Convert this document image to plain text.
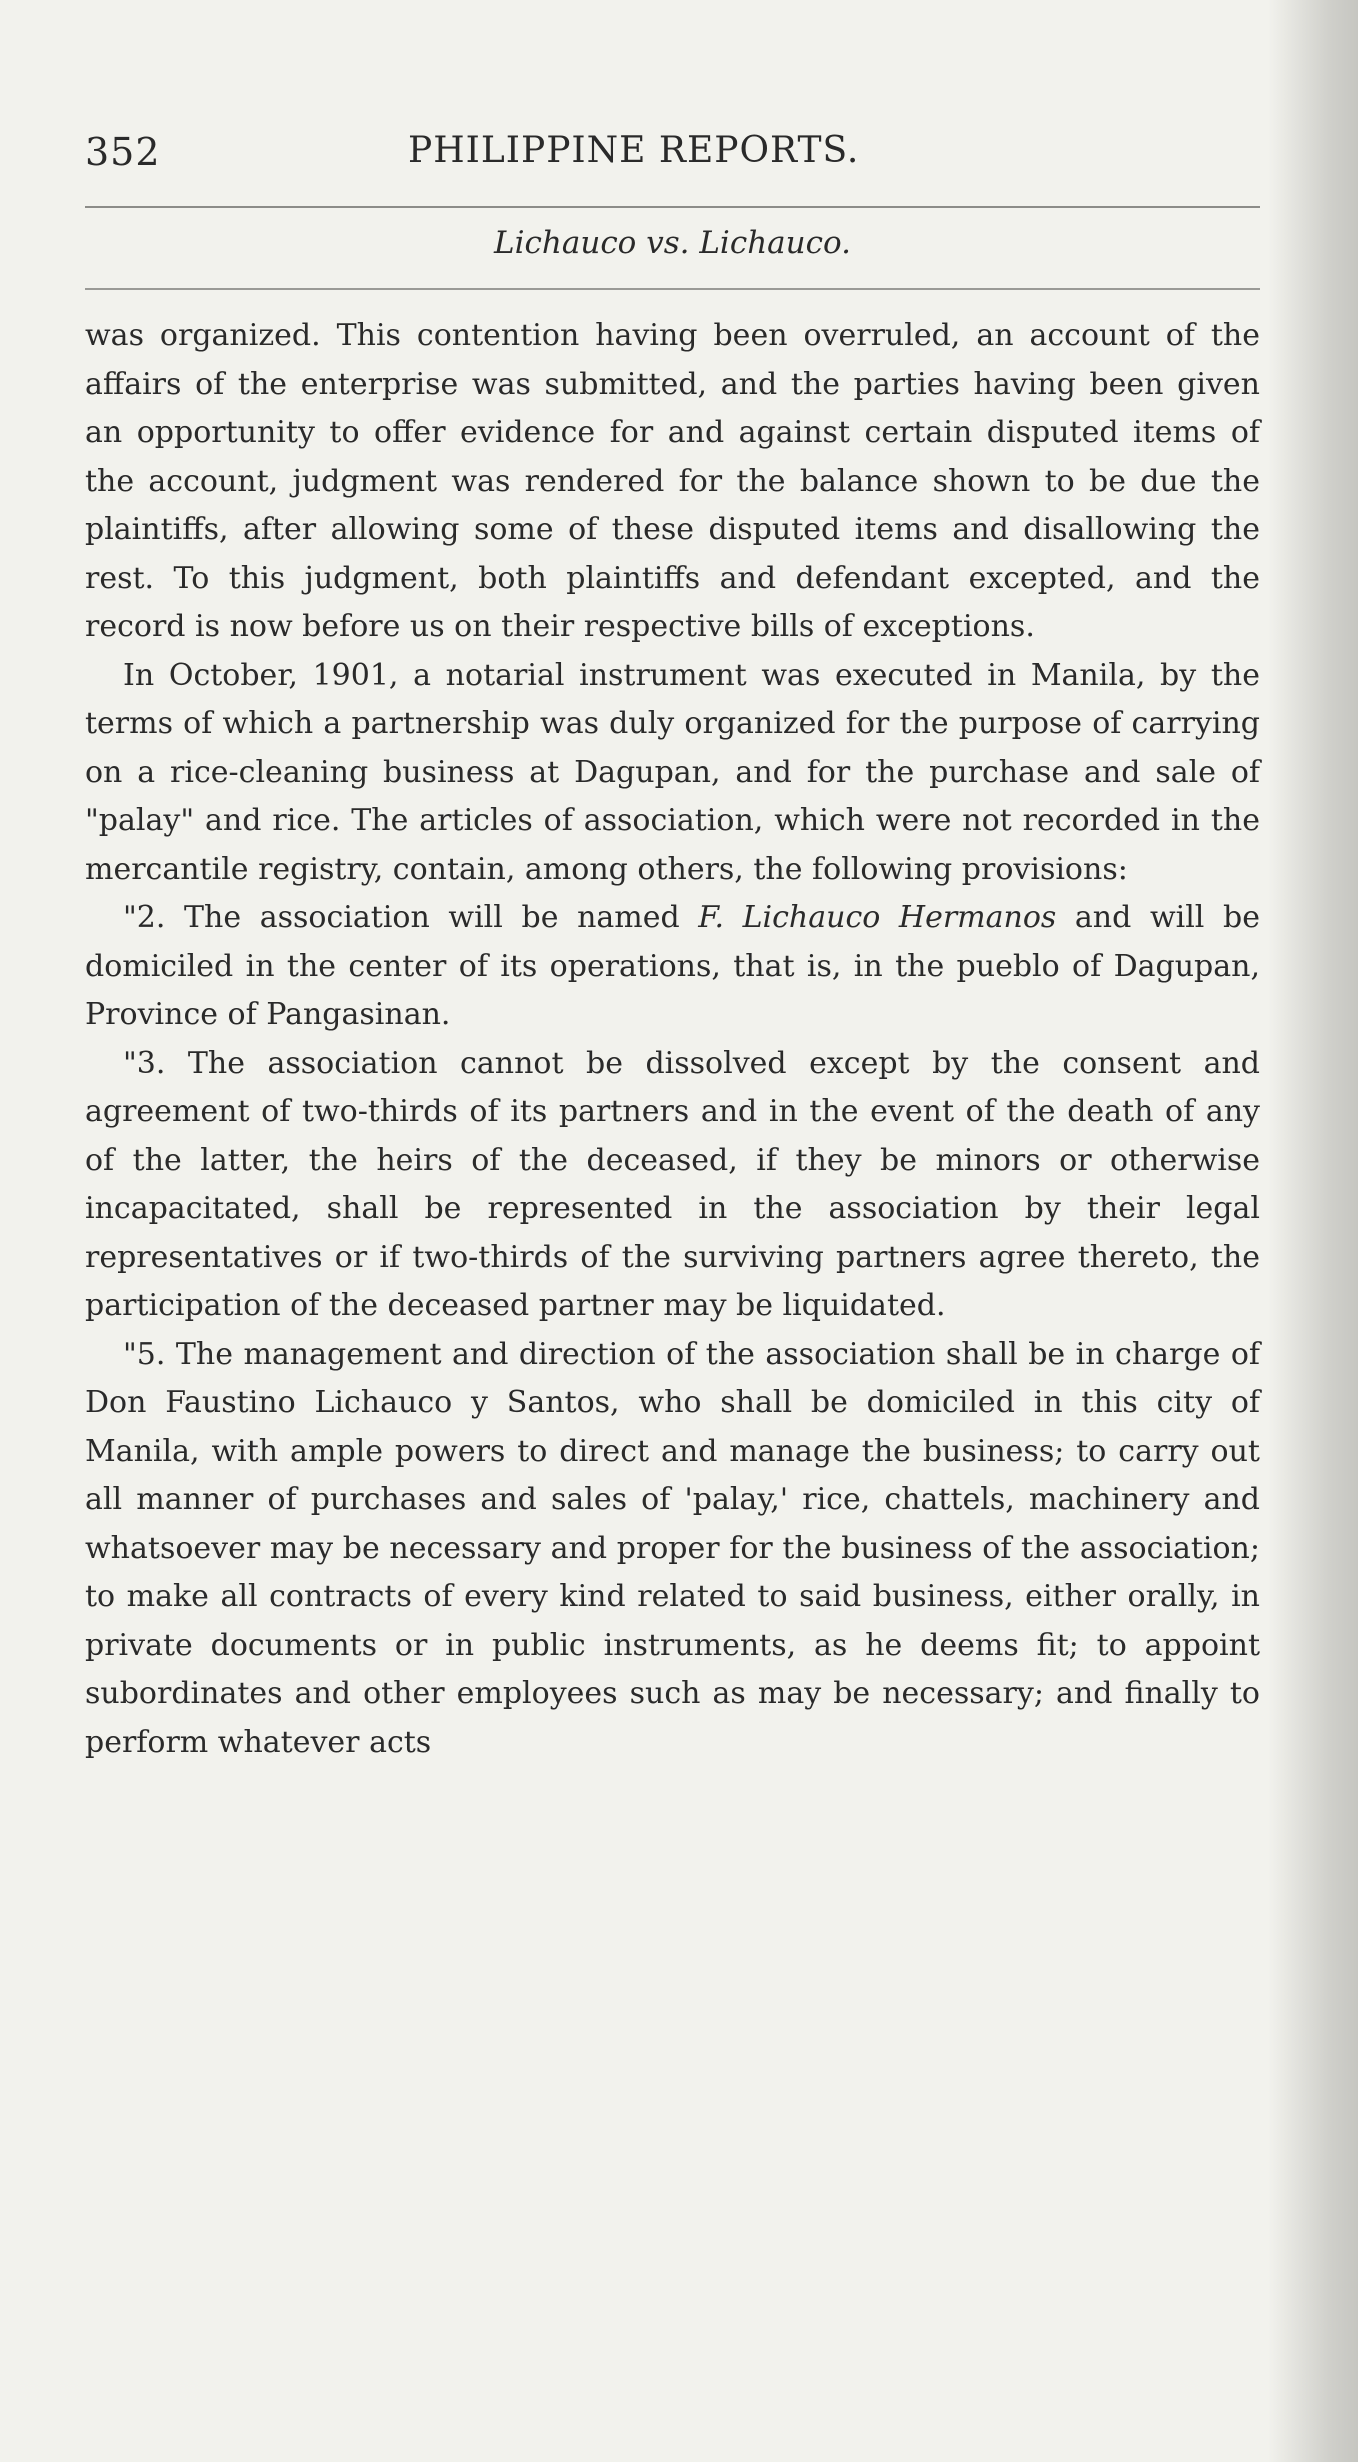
352	PHILIPPINE REPORTS.
Lichauco vs. Lichauco.

was organized. This contention having been overruled, an account of the affairs of the enterprise was submitted, and the parties having been given an opportunity to offer evidence for and against certain disputed items of the account, judgment was rendered for the balance shown to be due the plaintiffs, after allowing some of these disputed items and disallowing the rest. To this judgment, both plaintiffs and defendant excepted, and the record is now before us on their respective bills of exceptions.

In October, 1901, a notarial instrument was executed in Manila, by the terms of which a partnership was duly organized for the purpose of carrying on a rice-cleaning business at Dagupan, and for the purchase and sale of "palay" and rice. The articles of association, which were not recorded in the mercantile registry, contain, among others, the following provisions:

"2. The association will be named F. Lichauco Hermanos and will be domiciled in the center of its operations, that is, in the pueblo of Dagupan, Province of Pangasinan.

"3. The association cannot be dissolved except by the consent and agreement of two-thirds of its partners and in the event of the death of any of the latter, the heirs of the deceased, if they be minors or otherwise incapacitated, shall be represented in the association by their legal representatives or if two-thirds of the surviving partners agree thereto, the participation of the deceased partner may be liquidated.

"5. The management and direction of the association shall be in charge of Don Faustino Lichauco y Santos, who shall be domiciled in this city of Manila, with ample powers to direct and manage the business; to carry out all manner of purchases and sales of 'palay,' rice, chattels, machinery and whatsoever may be necessary and proper for the business of the association; to make all contracts of every kind related to said business, either orally, in private documents or in public instruments, as he deems fit; to appoint subordinates and other employees such as may be necessary; and finally to perform whatever acts
